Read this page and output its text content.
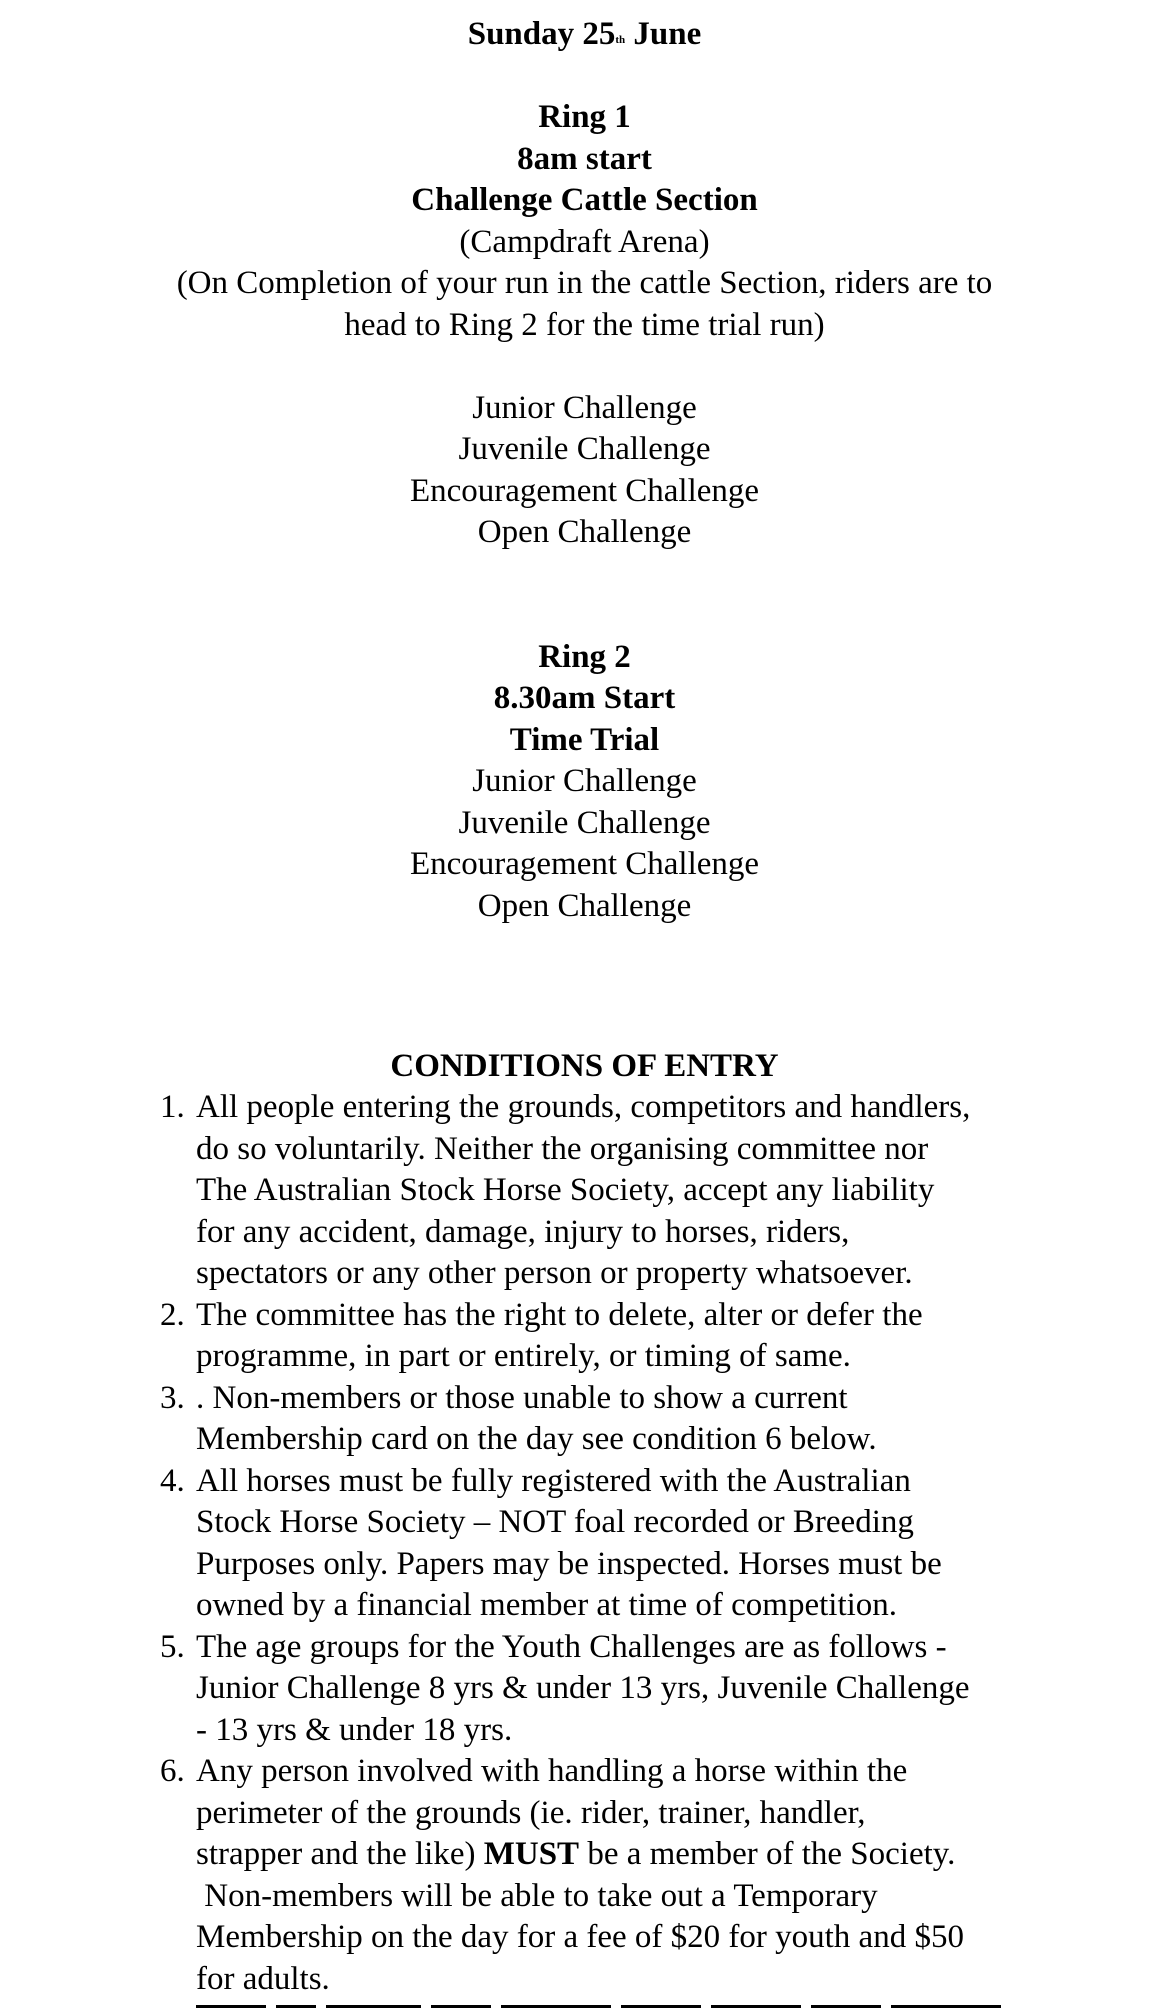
Sunday 25th June
Ring 1
8am start
Challenge Cattle Section
(Campdraft Arena)
(On Completion of your run in the cattle Section, riders are to
head to Ring 2 for the time trial run)
Junior Challenge
Juvenile Challenge
Encouragement Challenge
Open Challenge
Ring 2
8.30am Start
Time Trial
Junior Challenge
Juvenile Challenge
Encouragement Challenge
Open Challenge
CONDITIONS OF ENTRY
1. All people entering the grounds, competitors and handlers,
do so voluntarily. Neither the organising committee nor
The Australian Stock Horse Society, accept any liability
for any accident, damage, injury to horses, riders,
spectators or any other person or property whatsoever.
2. The committee has the right to delete, alter or defer the
programme, in part or entirely, or timing of same.
3. . Non-members or those unable to show a current
Membership card on the day see condition 6 below.
4. All horses must be fully registered with the Australian
Stock Horse Society – NOT foal recorded or Breeding
Purposes only. Papers may be inspected. Horses must be
owned by a financial member at time of competition.
5. The age groups for the Youth Challenges are as follows -
Junior Challenge 8 yrs & under 13 yrs, Juvenile Challenge
- 13 yrs & under 18 yrs.
6. Any person involved with handling a horse within the
perimeter of the grounds (ie. rider, trainer, handler,
strapper and the like) MUST be a member of the Society.
Non-members will be able to take out a Temporary
Membership on the day for a fee of $20 for youth and $50
for adults.
